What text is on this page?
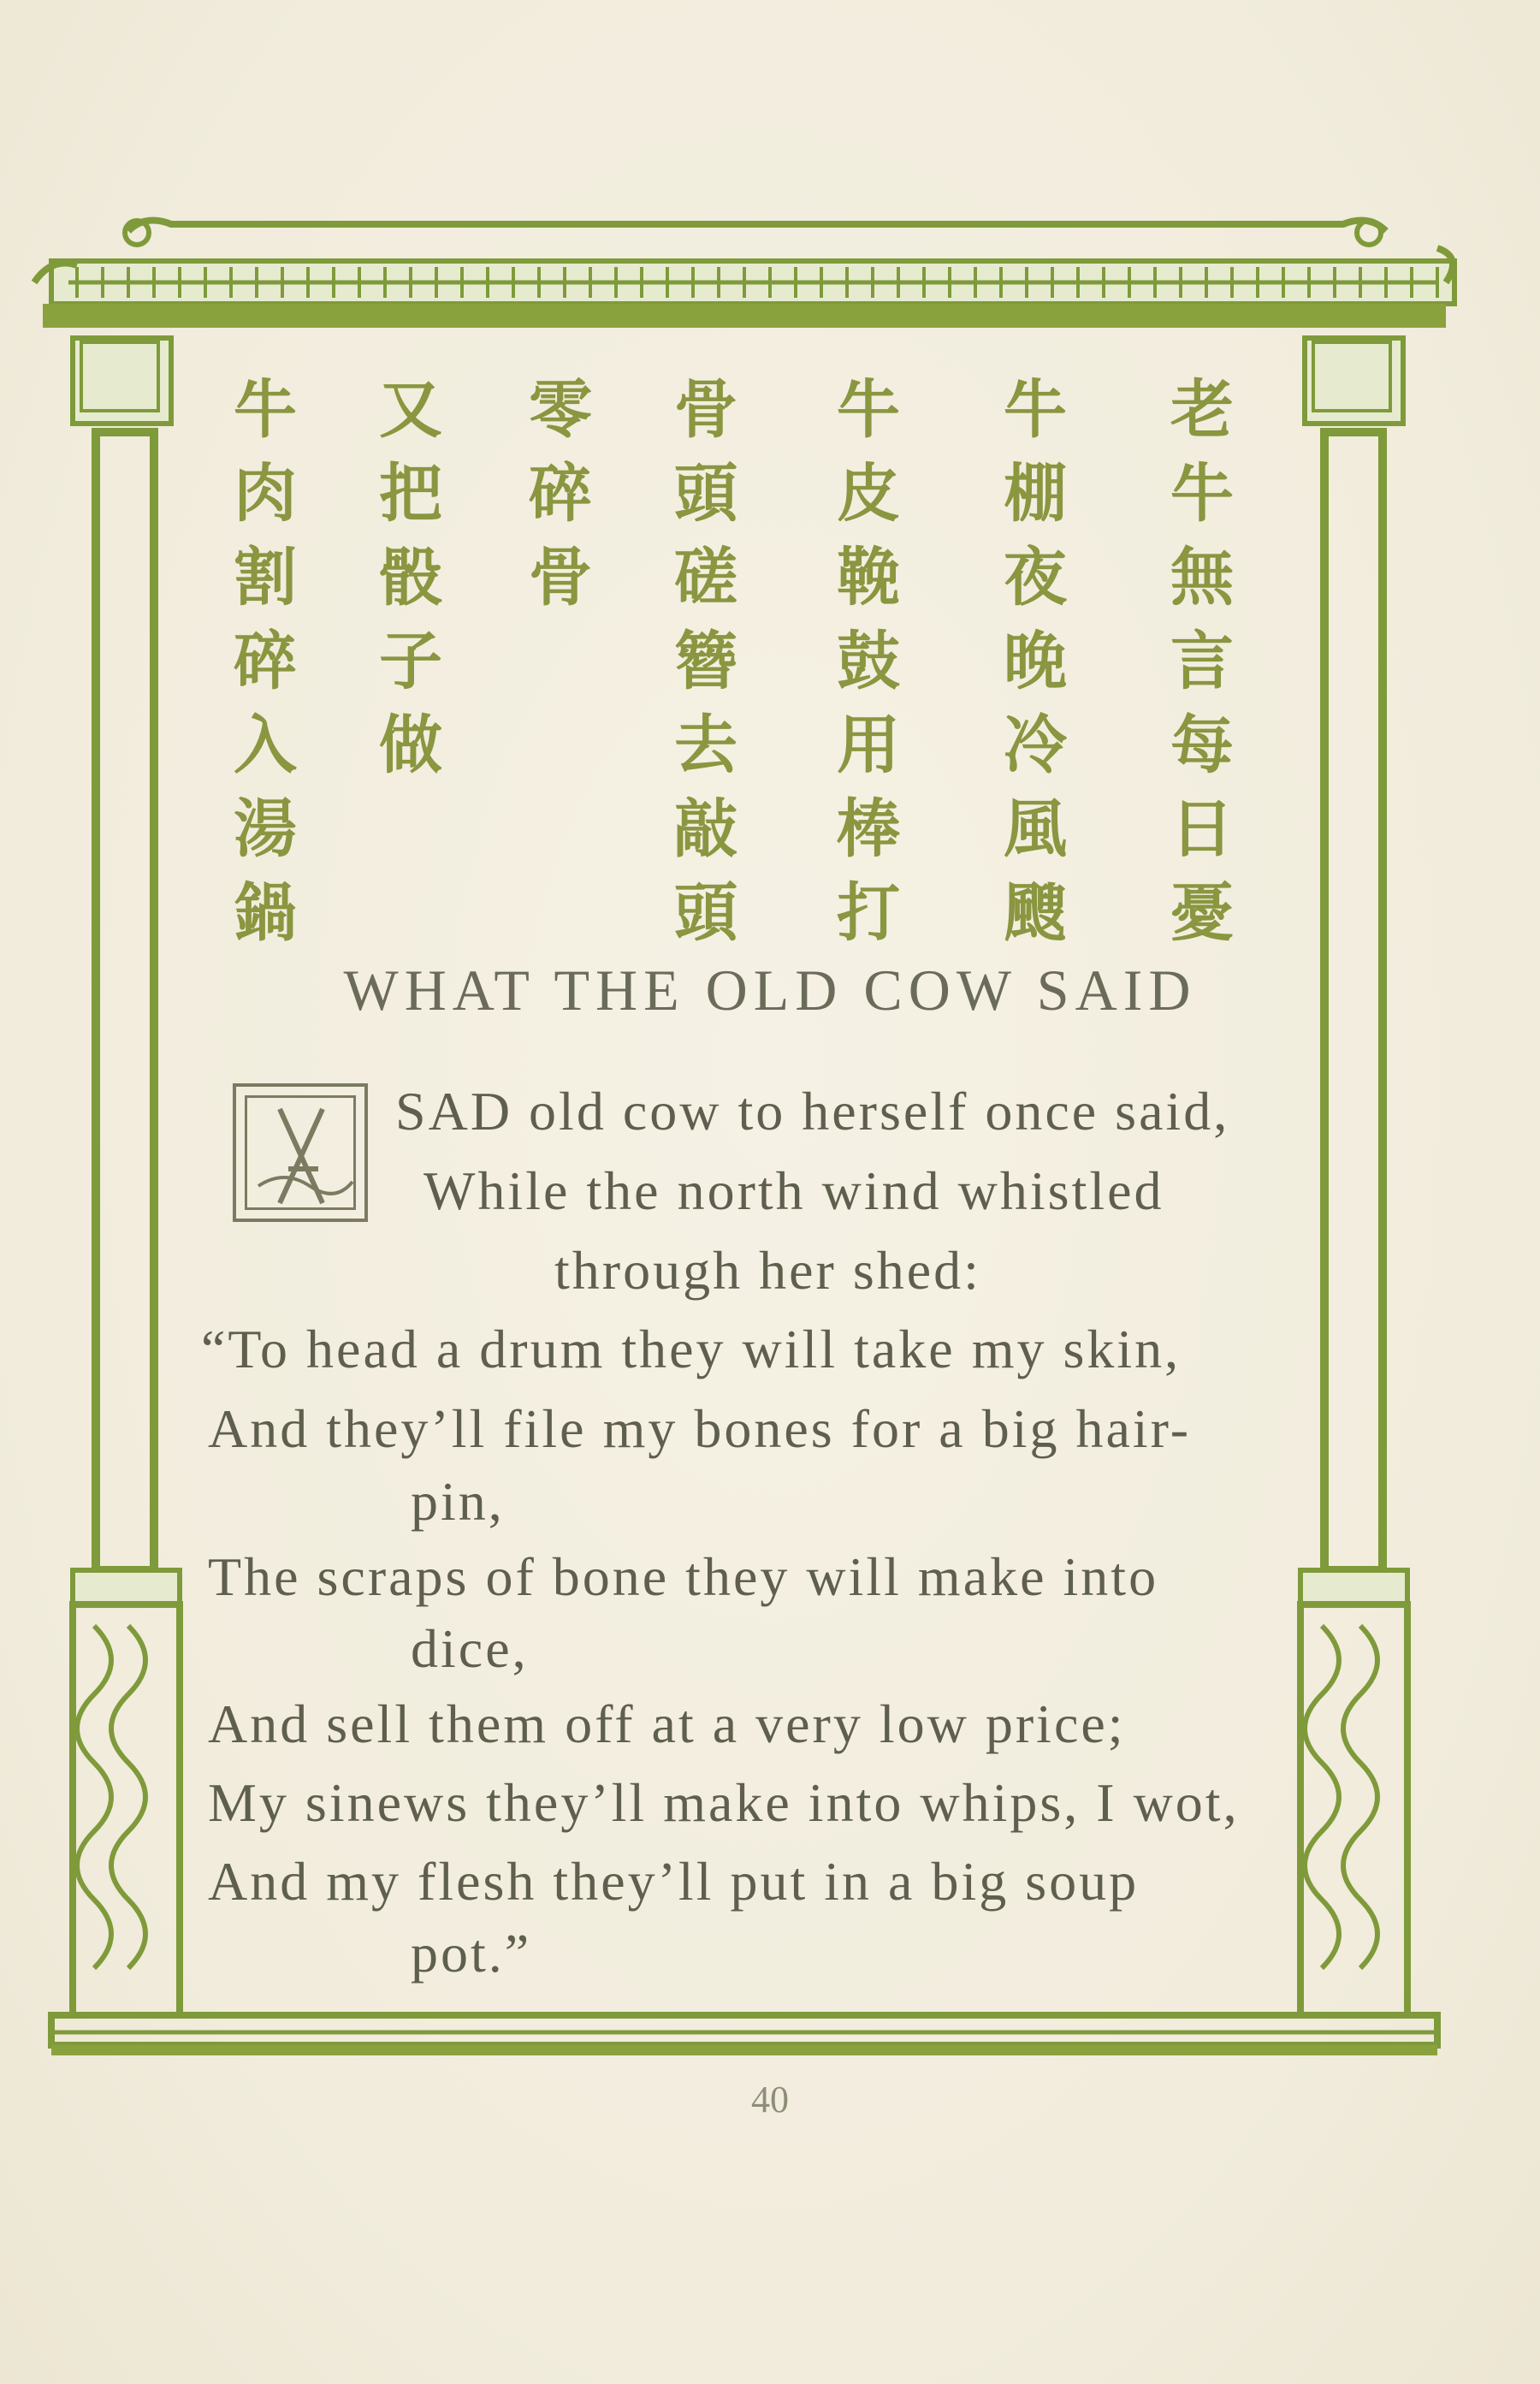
老
牛
無
言
每
日
憂
牛
棚
夜
晚
冷
風
颼
牛
皮
鞔
鼓
用
棒
打
骨
頭
磋
簪
去
敲
頭
零
碎
骨
又
把
骰
子
做
牛
肉
割
碎
入
湯
鍋
WHAT THE OLD COW SAID
SAD old cow to herself once said,
While the north wind whistled
through her shed:
“To head a drum they will take my skin,
And they’ll file my bones for a big hair-
pin,
The scraps of bone they will make into
dice,
And sell them off at a very low price;
My sinews they’ll make into whips, I wot,
And my flesh they’ll put in a big soup
pot.”
40
